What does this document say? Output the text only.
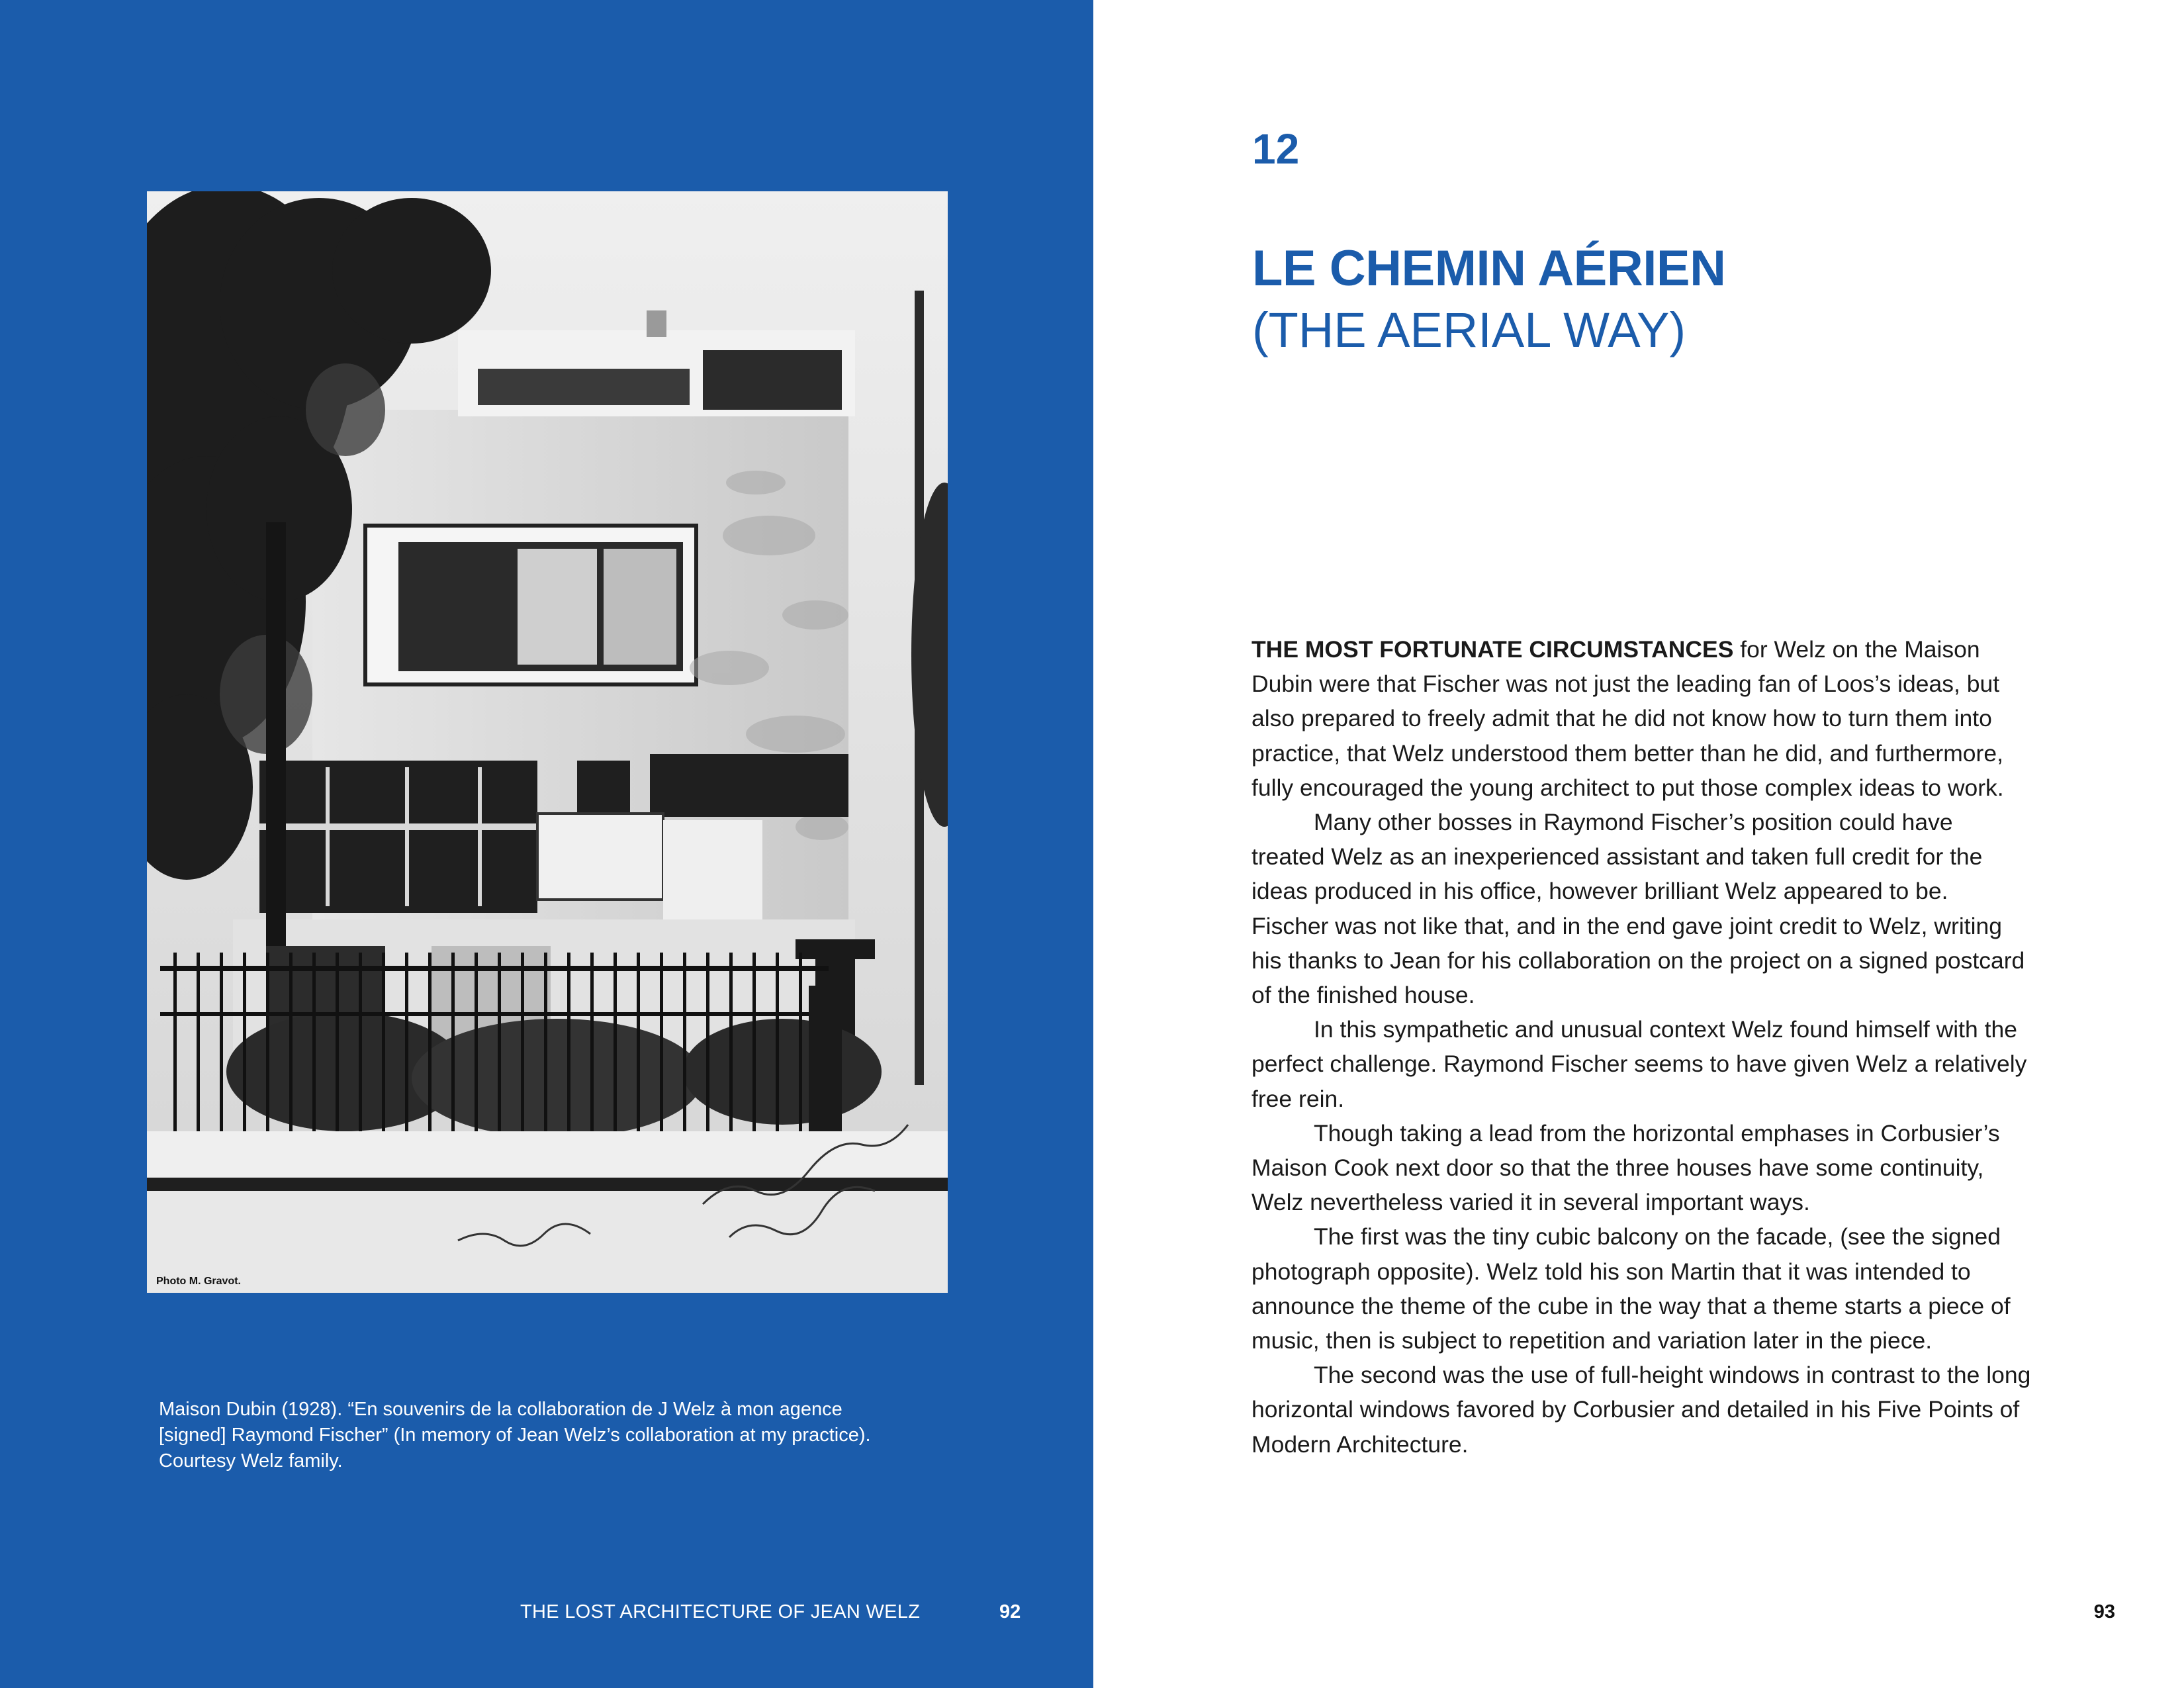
Photo M. Gravot.

Maison Dubin (1928). “En souvenirs de la collaboration de J Welz à mon agence

[signed] Raymond Fischer” (In memory of Jean Welz’s collaboration at my practice).

Courtesy Welz family.

THE LOST ARCHITECTURE OF JEAN WELZ	92
12
LE CHEMIN AÉRIEN
(THE AERIAL WAY)

THE MOST FORTUNATE CIRCUMSTANCES for Welz on the Maison Dubin were that Fischer was not just the leading fan of Loos’s ideas, but also prepared to freely admit that he did not know how to turn them into practice, that Welz understood them better than he did, and furthermore, fully encouraged the young architect to put those complex ideas to work.

Many other bosses in Raymond Fischer’s position could have treated Welz as an inexperienced assistant and taken full credit for the ideas produced in his office, however brilliant Welz appeared to be. Fischer was not like that, and in the end gave joint credit to Welz, writing his thanks to Jean for his collaboration on the project on a signed postcard of the finished house.

In this sympathetic and unusual context Welz found himself with the perfect challenge. Raymond Fischer seems to have given Welz a relatively free rein.

Though taking a lead from the horizontal emphases in Corbusier’s Maison Cook next door so that the three houses have some continuity, Welz nevertheless varied it in several important ways.

The first was the tiny cubic balcony on the facade, (see the signed photograph opposite). Welz told his son Martin that it was intended to announce the theme of the cube in the way that a theme starts a piece of music, then is subject to repetition and variation later in the piece.

The second was the use of full-height windows in contrast to the long horizontal windows favored by Corbusier and detailed in his Five Points of Modern Architecture.

93
